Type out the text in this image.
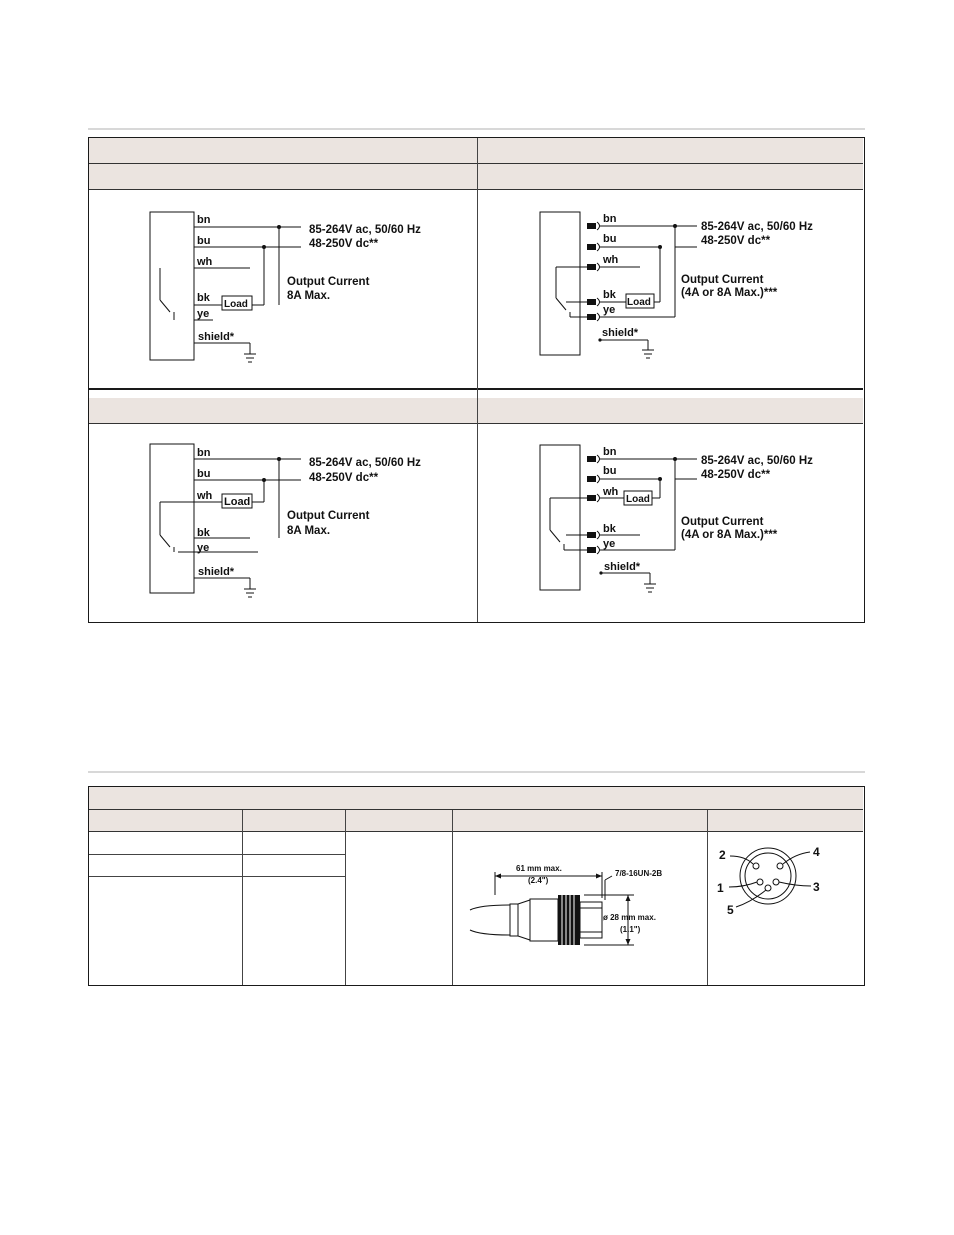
bn
bu
wh
bk
ye
shield*
Load
85-264V ac, 50/60 Hz
48-250V dc**
Output Current
8A Max.
bn
bu
wh
bk
ye
shield*
Load
85-264V ac, 50/60 Hz
48-250V dc**
Output Current
(4A or 8A Max.)***
bn
bu
wh
bk
ye
shield*
Load
85-264V ac, 50/60 Hz
48-250V dc**
Output Current
8A Max.
bn
bu
wh
bk
ye
shield*
Load
85-264V ac, 50/60 Hz
48-250V dc**
Output Current
(4A or 8A Max.)***
61 mm max.
(2.4")
7/8-16UN-2B
ø 28 mm max.
(1.1")
2	4
1	3
5
